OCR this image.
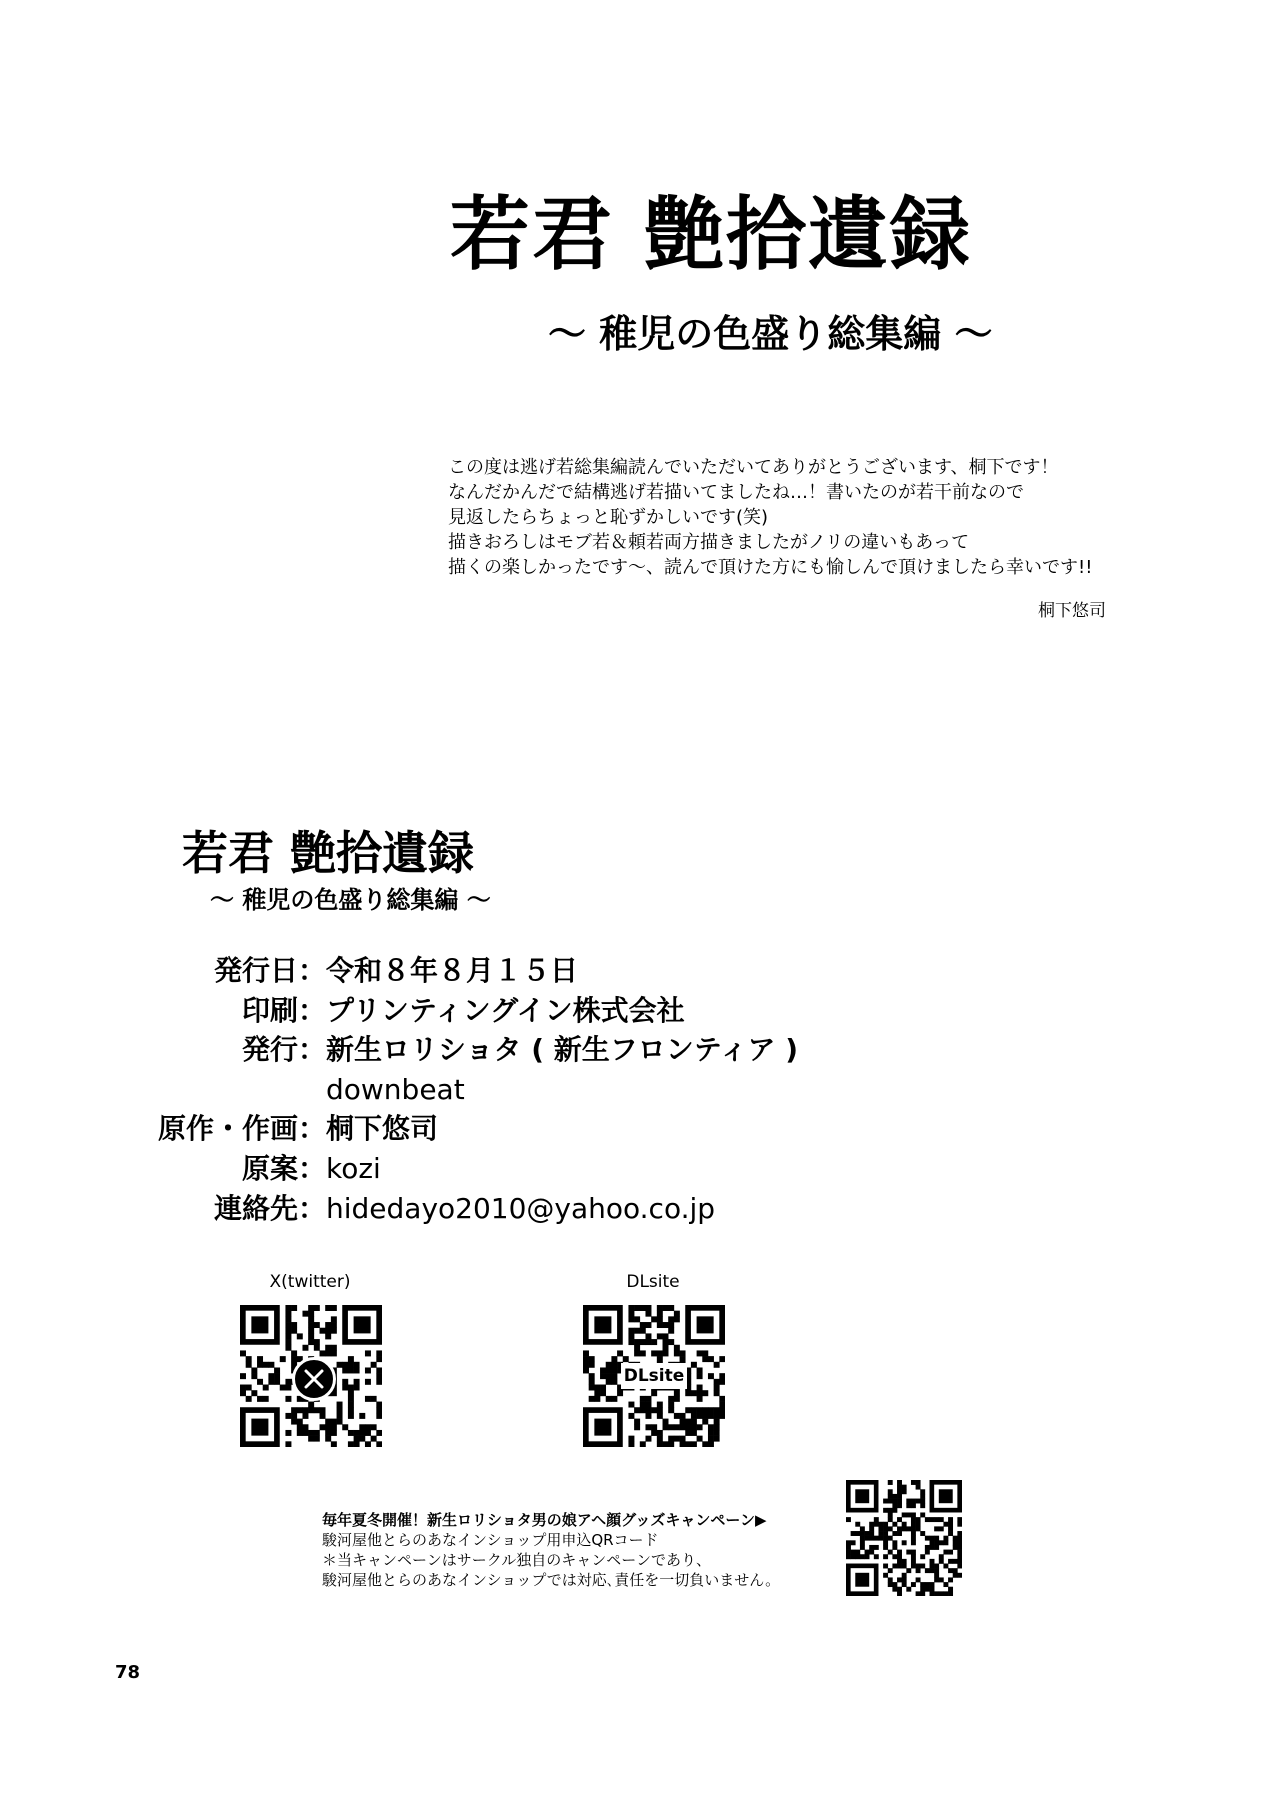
若君 艶拾遺録
～ 稚児の色盛り総集編 ～
この度は逃げ若総集編読んでいただいてありがとうございます、桐下です！
なんだかんだで結構逃げ若描いてましたね…！書いたのが若干前なので
見返したらちょっと恥ずかしいです(笑)
描きおろしはモブ若＆頼若両方描きましたがノリの違いもあって
描くの楽しかったです〜、読んで頂けた方にも愉しんで頂けましたら幸いです!!
桐下悠司
若君 艶拾遺録
～ 稚児の色盛り総集編 ～
発行日： 令和８年８月１５日
印刷： プリンティングイン株式会社
発行： 新生ロリショタ ( 新生フロンティア )
downbeat
原作・作画： 桐下悠司
原案： kozi
連絡先： hidedayo2010@yahoo.co.jp
X(twitter)	DLsite
DLsite
毎年夏冬開催！新生ロリショタ男の娘アヘ顔グッズキャンペーン▶
駿河屋他とらのあなインショップ用申込QRコード
＊当キャンペーンはサークル独自のキャンペーンであり、
駿河屋他とらのあなインショップでは対応､責任を一切負いません。
78
